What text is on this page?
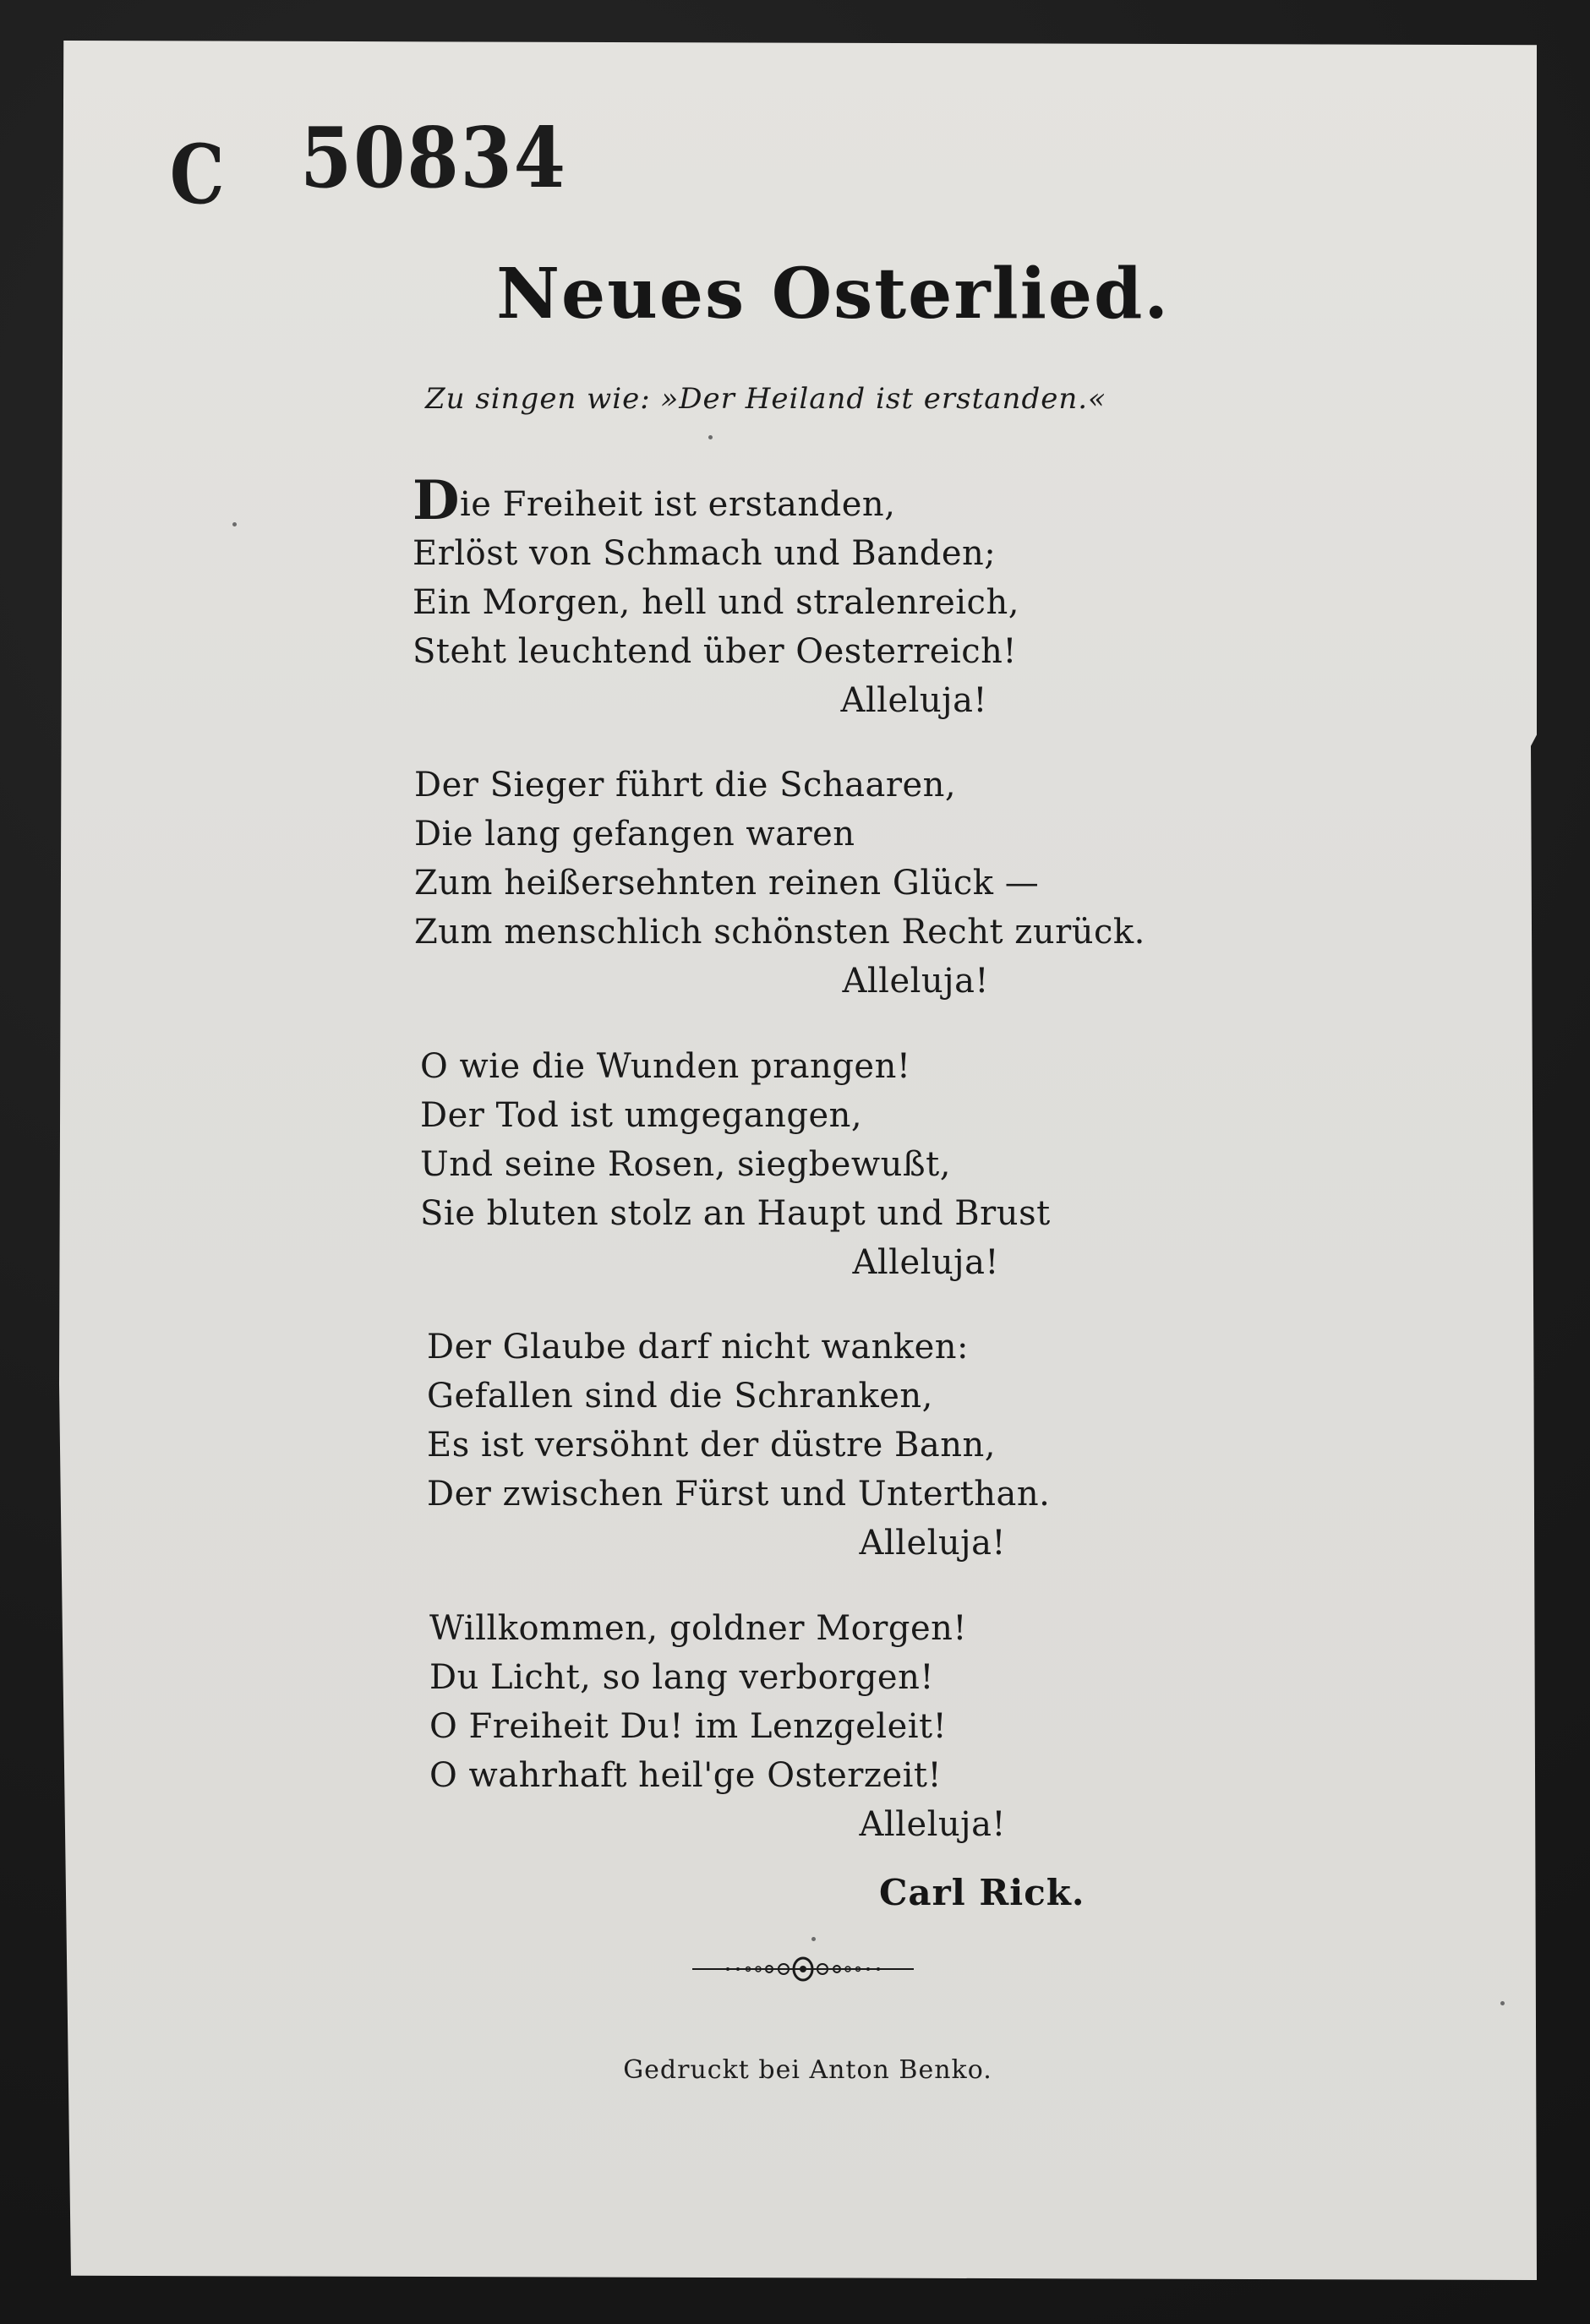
C 50834
Neues Osterlied.
Zu singen wie: »Der Heiland ist erstanden.«
Die Freiheit ist erstanden,
Erlöst von Schmach und Banden;
Ein Morgen, hell und stralenreich,
Steht leuchtend über Oesterreich!
Alleluja!
Der Sieger führt die Schaaren,
Die lang gefangen waren
Zum heißersehnten reinen Glück —
Zum menschlich schönsten Recht zurück.
Alleluja!
O wie die Wunden prangen!
Der Tod ist umgegangen,
Und seine Rosen, siegbewußt,
Sie bluten stolz an Haupt und Brust
Alleluja!
Der Glaube darf nicht wanken:
Gefallen sind die Schranken,
Es ist versöhnt der düstre Bann,
Der zwischen Fürst und Unterthan.
Alleluja!
Willkommen, goldner Morgen!
Du Licht, so lang verborgen!
O Freiheit Du! im Lenzgeleit!
O wahrhaft heil'ge Osterzeit!
Alleluja!
Carl Rick.
Gedruckt bei Anton Benko.
